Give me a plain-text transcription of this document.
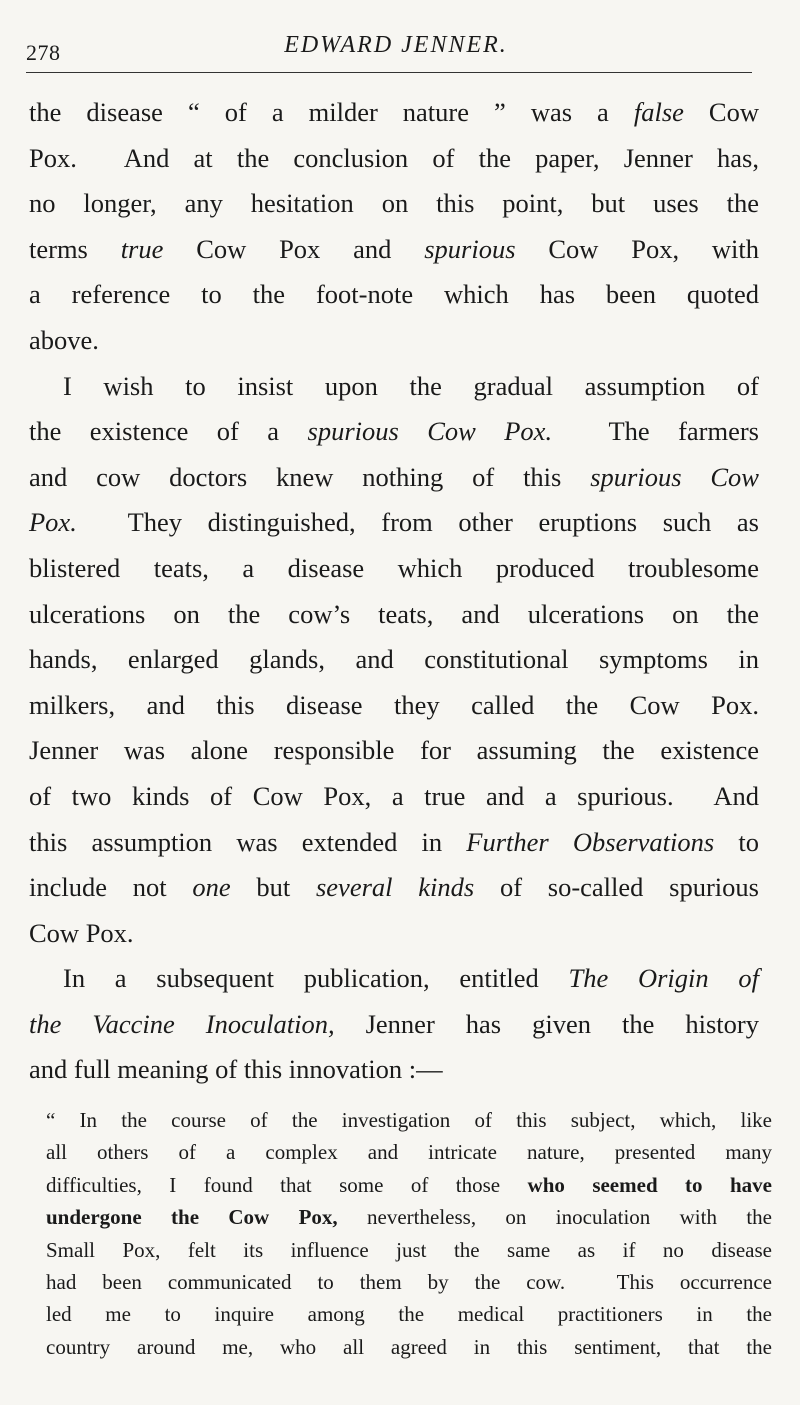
278	EDWARD JENNER.
the disease “ of a milder nature ” was a false Cow
Pox.  And at the conclusion of the paper, Jenner has,
no longer, any hesitation on this point, but uses the
terms true Cow Pox and spurious Cow Pox, with
a reference to the foot-note which has been quoted
above.
I wish to insist upon the gradual assumption of
the existence of a spurious Cow Pox.  The farmers
and cow doctors knew nothing of this spurious Cow
Pox.  They distinguished, from other eruptions such as
blistered teats, a disease which produced troublesome
ulcerations on the cow’s teats, and ulcerations on the
hands, enlarged glands, and constitutional symptoms in
milkers, and this disease they called the Cow Pox.
Jenner was alone responsible for assuming the existence
of two kinds of Cow Pox, a true and a spurious.  And
this assumption was extended in Further Observations to
include not one but several kinds of so-called spurious
Cow Pox.
In a subsequent publication, entitled The Origin of
the Vaccine Inoculation, Jenner has given the history
and full meaning of this innovation :—
“ In the course of the investigation of this subject, which, like
all others of a complex and intricate nature, presented many
difficulties, I found that some of those who seemed to have
undergone the Cow Pox, nevertheless, on inoculation with the
Small Pox, felt its influence just the same as if no disease
had been communicated to them by the cow.  This occurrence
led me to inquire among the medical practitioners in the
country around me, who all agreed in this sentiment, that the
